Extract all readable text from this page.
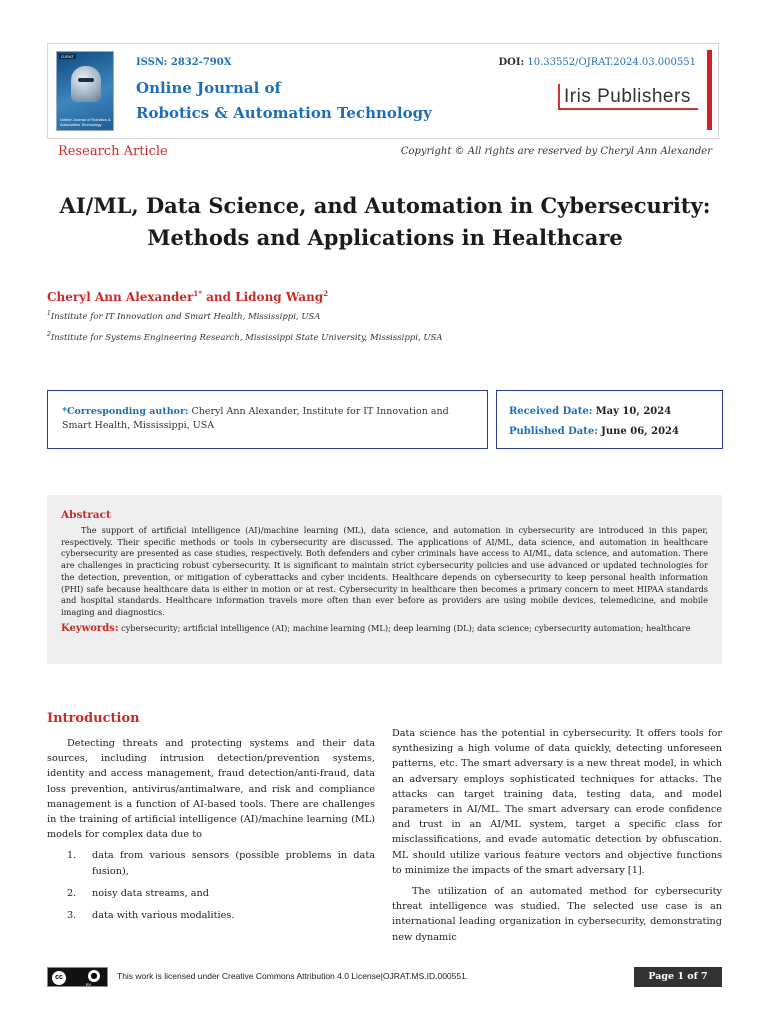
OJRAT
Online Journal of Robotics & Automation Technology
ISSN: 2832-790X
Online Journal of
Robotics & Automation Technology
DOI: 10.33552/OJRAT.2024.03.000551
Iris Publishers
Research Article	Copyright © All rights are reserved by Cheryl Ann Alexander
AI/ML, Data Science, and Automation in Cybersecurity:
Methods and Applications in Healthcare
Cheryl Ann Alexander$^{1*}$ and Lidong Wang$^2$
$^1$Institute for IT Innovation and Smart Health, Mississippi, USA
$^2$Institute for Systems Engineering Research, Mississippi State University, Mississippi, USA
*Corresponding author: Cheryl Ann Alexander, Institute for IT Innovation and Smart Health, Mississippi, USA
Received Date: May 10, 2024
Published Date: June 06, 2024
Abstract
The support of artificial intelligence (AI)/machine learning (ML), data science, and automation in cybersecurity are introduced in this paper, respectively. Their specific methods or tools in cybersecurity are discussed. The applications of AI/ML, data science, and automation in healthcare cybersecurity are presented as case studies, respectively. Both defenders and cyber criminals have access to AI/ML, data science, and automation. There are challenges in practicing robust cybersecurity. It is significant to maintain strict cybersecurity policies and use advanced or updated technologies for the detection, prevention, or mitigation of cyberattacks and cyber incidents. Healthcare depends on cybersecurity to keep personal health information (PHI) safe because healthcare data is either in motion or at rest. Cybersecurity in healthcare then becomes a primary concern to meet HIPAA standards and hospital standards. Healthcare information travels more often than ever before as providers are using mobile devices, telemedicine, and mobile imaging and diagnostics.
Keywords: cybersecurity; artificial intelligence (AI); machine learning (ML); deep learning (DL); data science; cybersecurity automation; healthcare
Introduction

Detecting threats and protecting systems and their data sources, including intrusion detection/prevention systems, identity and access management, fraud detection/anti-fraud, data loss prevention, antivirus/antimalware, and risk and compliance management is a function of AI-based tools. There are challenges in the training of artificial intelligence (AI)/machine learning (ML) models for complex data due to

1. data from various sensors (possible problems in data fusion),
2. noisy data streams, and
3. data with various modalities.

Data science has the potential in cybersecurity. It offers tools for synthesizing a high volume of data quickly, detecting unforeseen patterns, etc. The smart adversary is a new threat model, in which an adversary employs sophisticated techniques for attacks. The attacks can target training data, testing data, and model parameters in AI/ML. The smart adversary can erode confidence and trust in an AI/ML system, target a specific class for misclassifications, and evade automatic detection by obfuscation. ML should utilize various feature vectors and objective functions to minimize the impacts of the smart adversary [1].

The utilization of an automated method for cybersecurity threat intelligence was studied. The selected use case is an international leading organization in cybersecurity, demonstrating new dynamic

cc	●
BY
This work is licensed under Creative Commons Attribution 4.0 License|OJRAT.MS.ID.000551.	Page 1 of 7
